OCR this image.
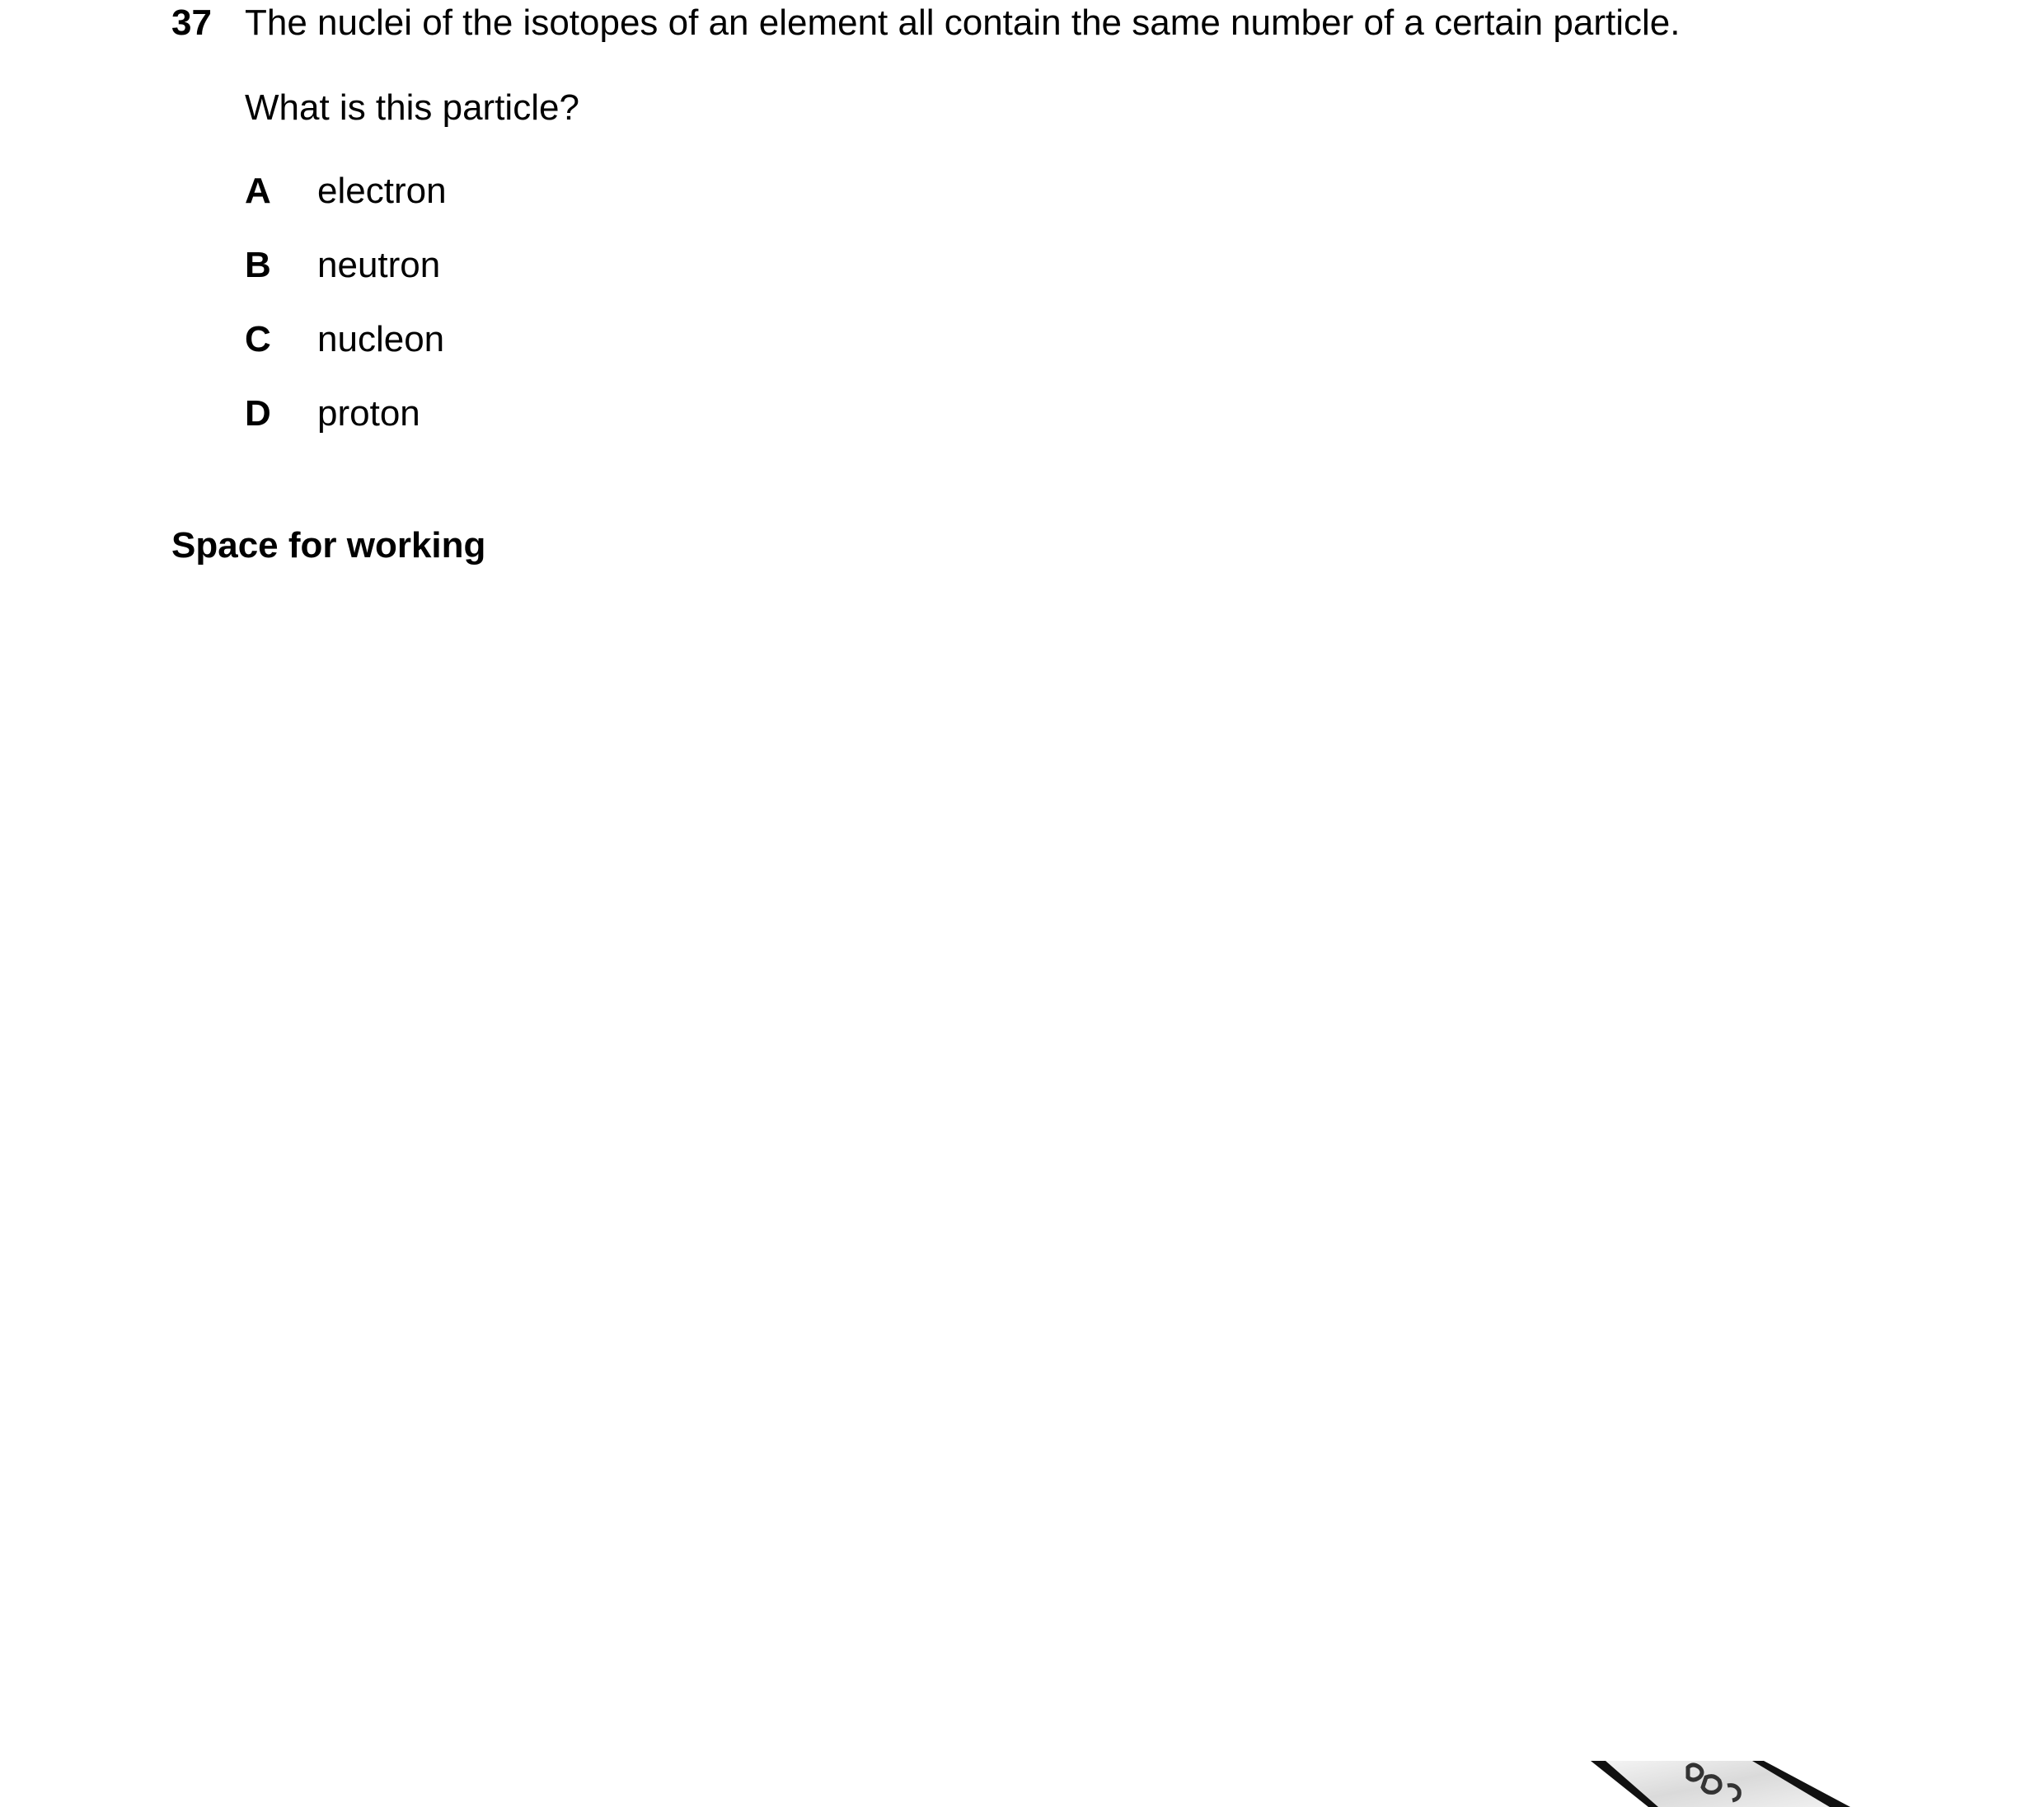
37 The nuclei of the isotopes of an element all contain the same number of a certain particle.
What is this particle?
A electron
B neutron
C nucleon
D proton
Space for working
